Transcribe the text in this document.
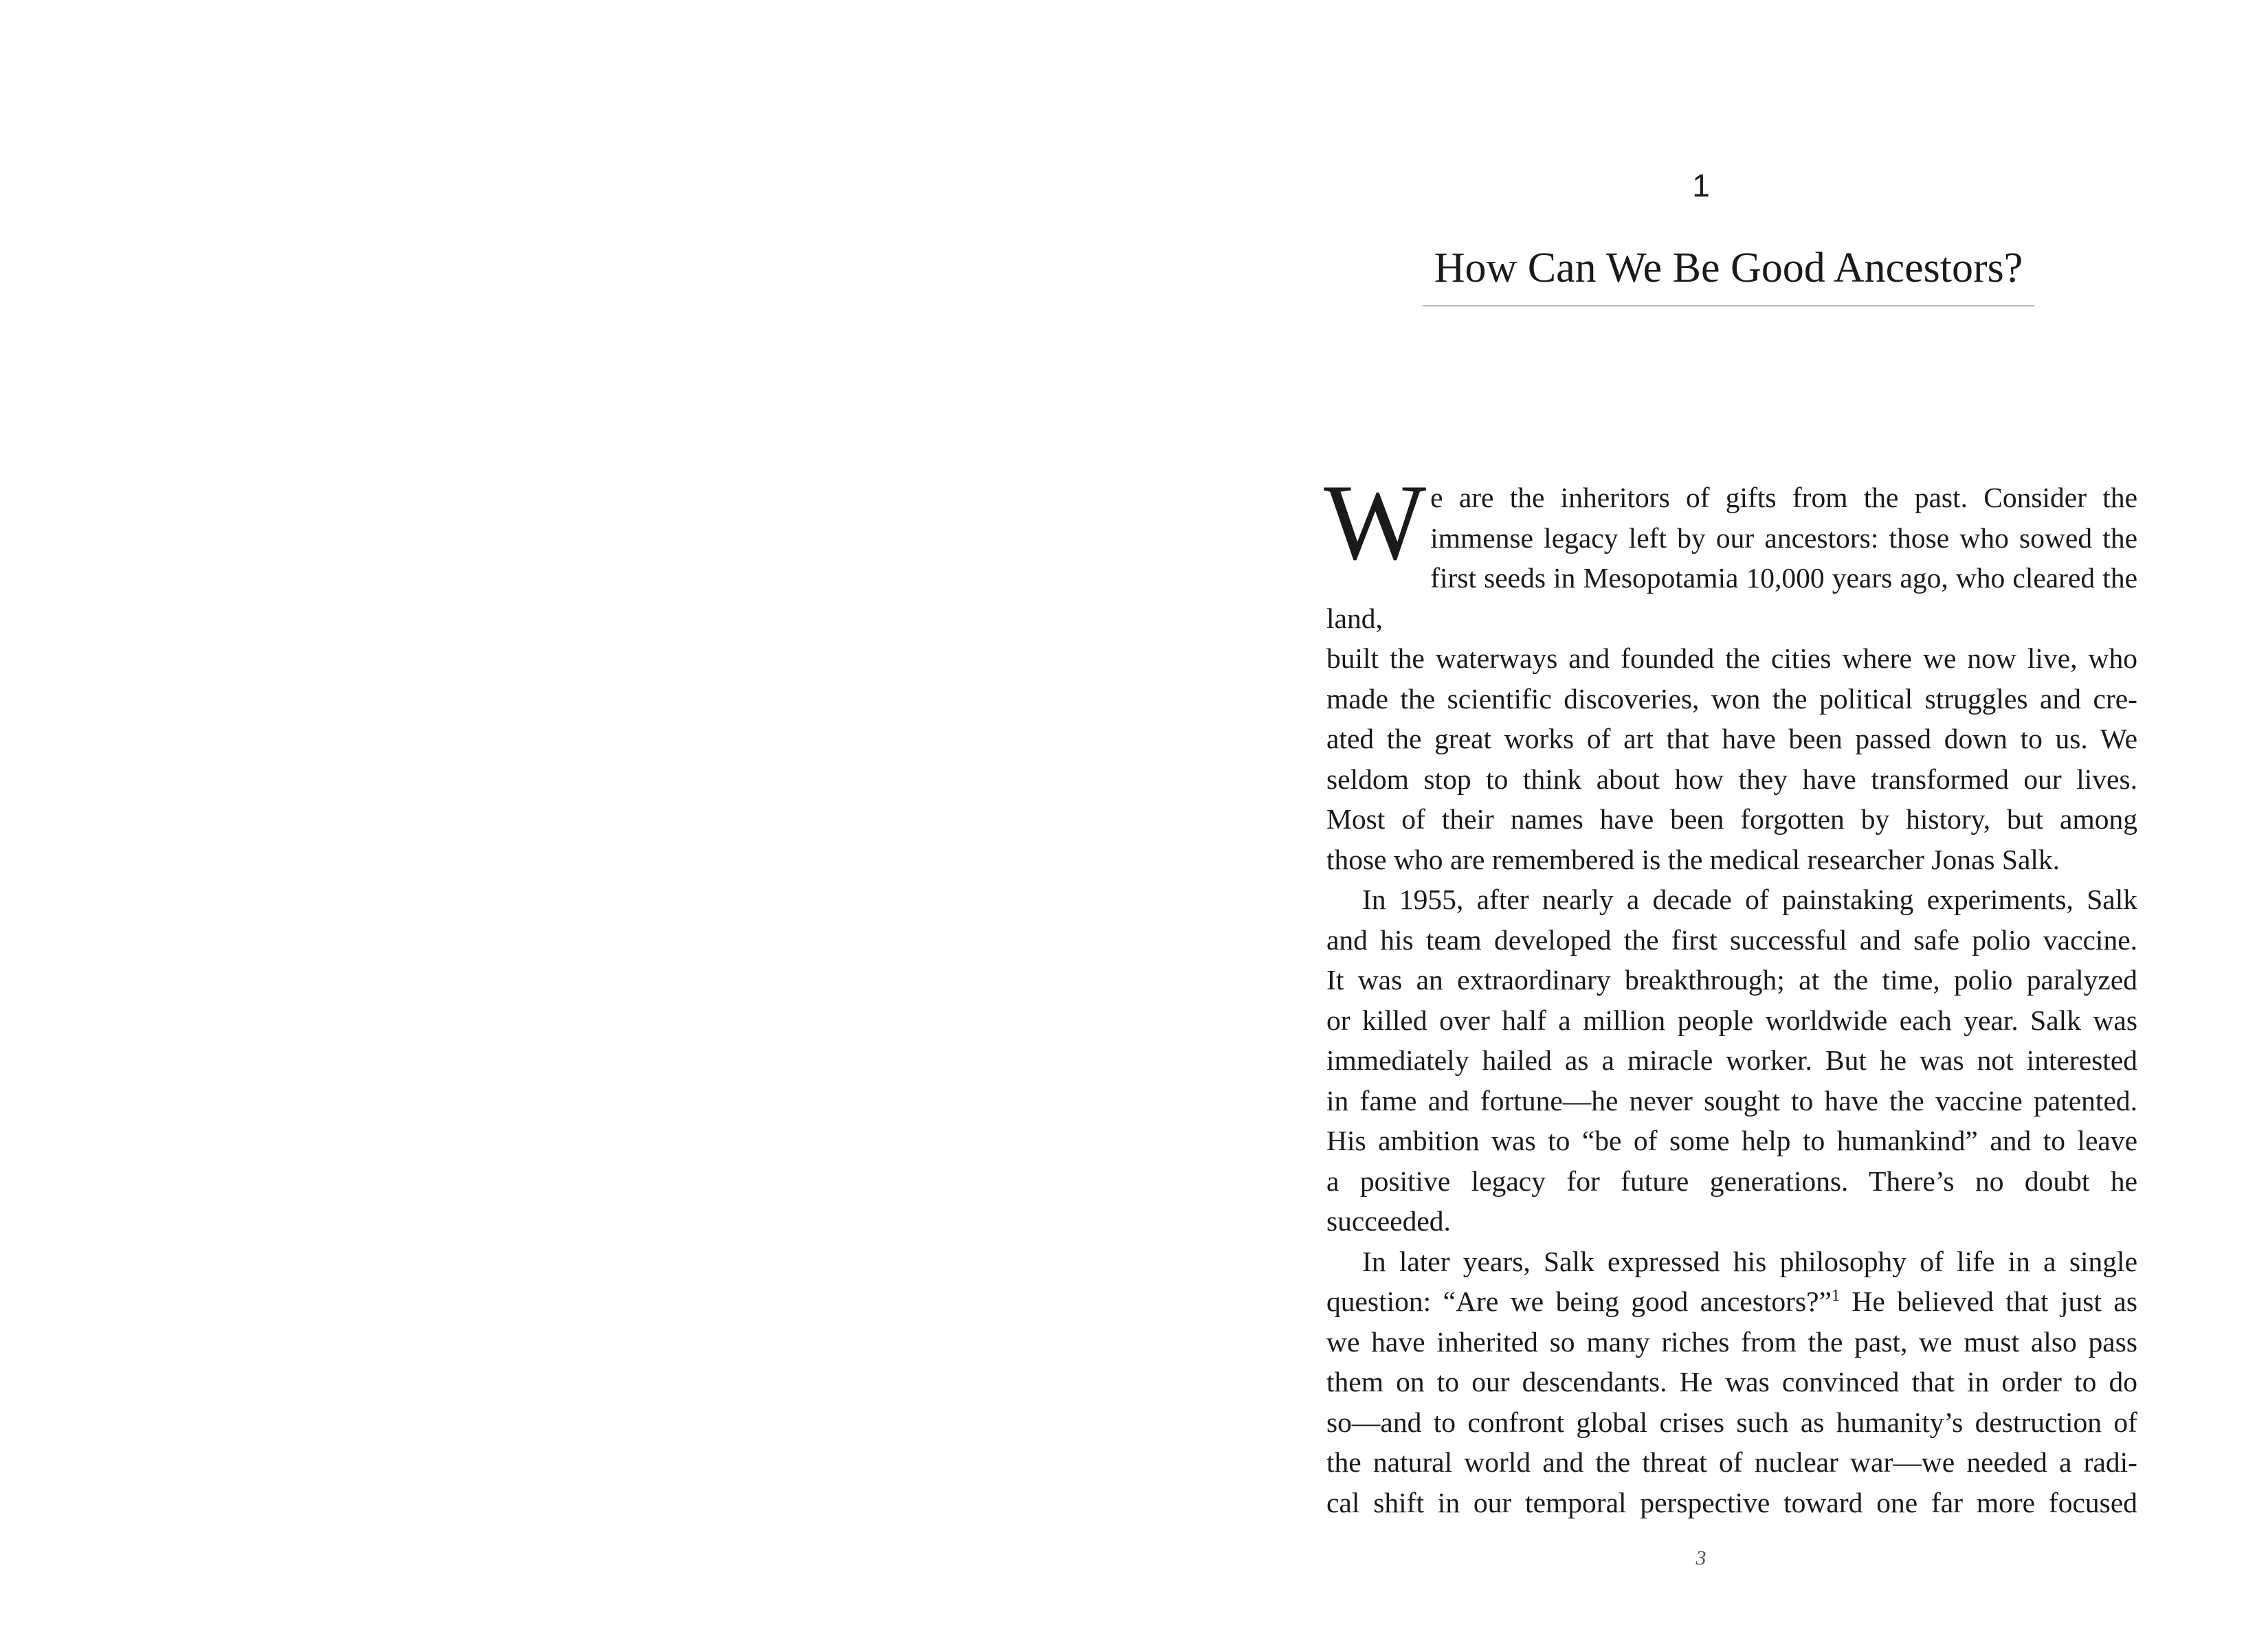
1
How Can We Be Good Ancestors?

W e are the inheritors of gifts from the past. Consider the
immense legacy left by our ancestors: those who sowed the
first seeds in Mesopotamia 10,000 years ago, who cleared the land,
built the waterways and founded the cities where we now live, who
made the scientific discoveries, won the political struggles and cre-
ated the great works of art that have been passed down to us. We
seldom stop to think about how they have transformed our lives.
Most of their names have been forgotten by history, but among
those who are remembered is the medical researcher Jonas Salk.

In 1955, after nearly a decade of painstaking experiments, Salk
and his team developed the first successful and safe polio vaccine.
It was an extraordinary breakthrough; at the time, polio paralyzed
or killed over half a million people worldwide each year. Salk was
immediately hailed as a miracle worker. But he was not interested
in fame and fortune—he never sought to have the vaccine patented.
His ambition was to “be of some help to humankind” and to leave
a positive legacy for future generations. There’s no doubt he
succeeded.

In later years, Salk expressed his philosophy of life in a single
question: “Are we being good ancestors?”$^1$ He believed that just as
we have inherited so many riches from the past, we must also pass
them on to our descendants. He was convinced that in order to do
so—and to confront global crises such as humanity’s destruction of
the natural world and the threat of nuclear war—we needed a radi-
cal shift in our temporal perspective toward one far more focused

3
